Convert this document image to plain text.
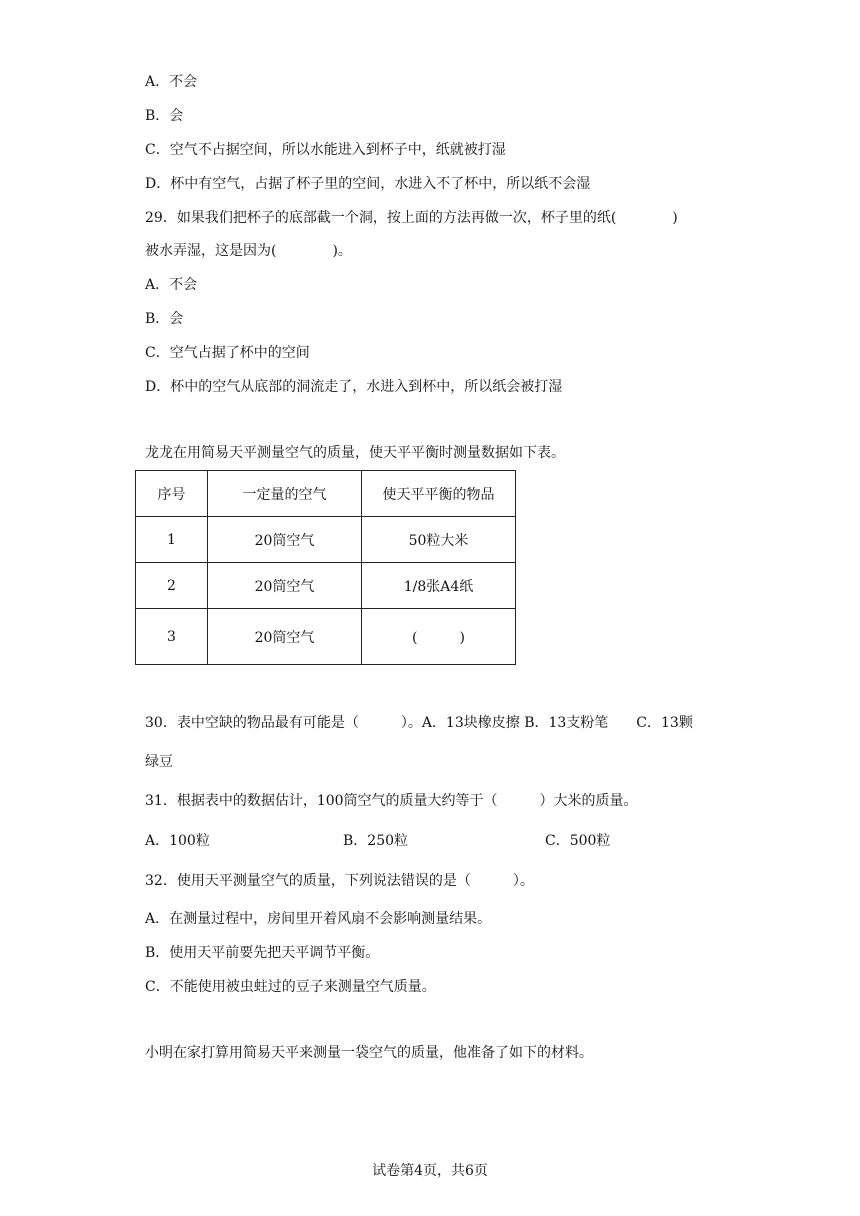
A．不会
B．会
C．空气不占据空间，所以水能进入到杯子中，纸就被打湿
D．杯中有空气，占据了杯子里的空间，水进入不了杯中，所以纸不会湿
29．如果我们把杯子的底部截一个洞，按上面的方法再做一次，杯子里的纸(　　　　)
被水弄湿，这是因为(　　　　)。
A．不会
B．会
C．空气占据了杯中的空间
D．杯中的空气从底部的洞流走了，水进入到杯中，所以纸会被打湿
龙龙在用简易天平测量空气的质量，使天平平衡时测量数据如下表。
序号	一定量的空气	使天平平衡的物品
1	20筒空气	50粒大米
2	20筒空气	1/8张A4纸
3	20筒空气	(　　　)
30．表中空缺的物品最有可能是（　　　）。A．13块橡皮擦 B．13支粉笔　　C．13颗
绿豆
31．根据表中的数据估计，100筒空气的质量大约等于（　　　）大米的质量。
A．100粒	B．250粒	C．500粒
32．使用天平测量空气的质量，下列说法错误的是（　　　）。
A．在测量过程中，房间里开着风扇不会影响测量结果。
B．使用天平前要先把天平调节平衡。
C．不能使用被虫蛀过的豆子来测量空气质量。
小明在家打算用简易天平来测量一袋空气的质量，他准备了如下的材料。
试卷第4页，共6页
